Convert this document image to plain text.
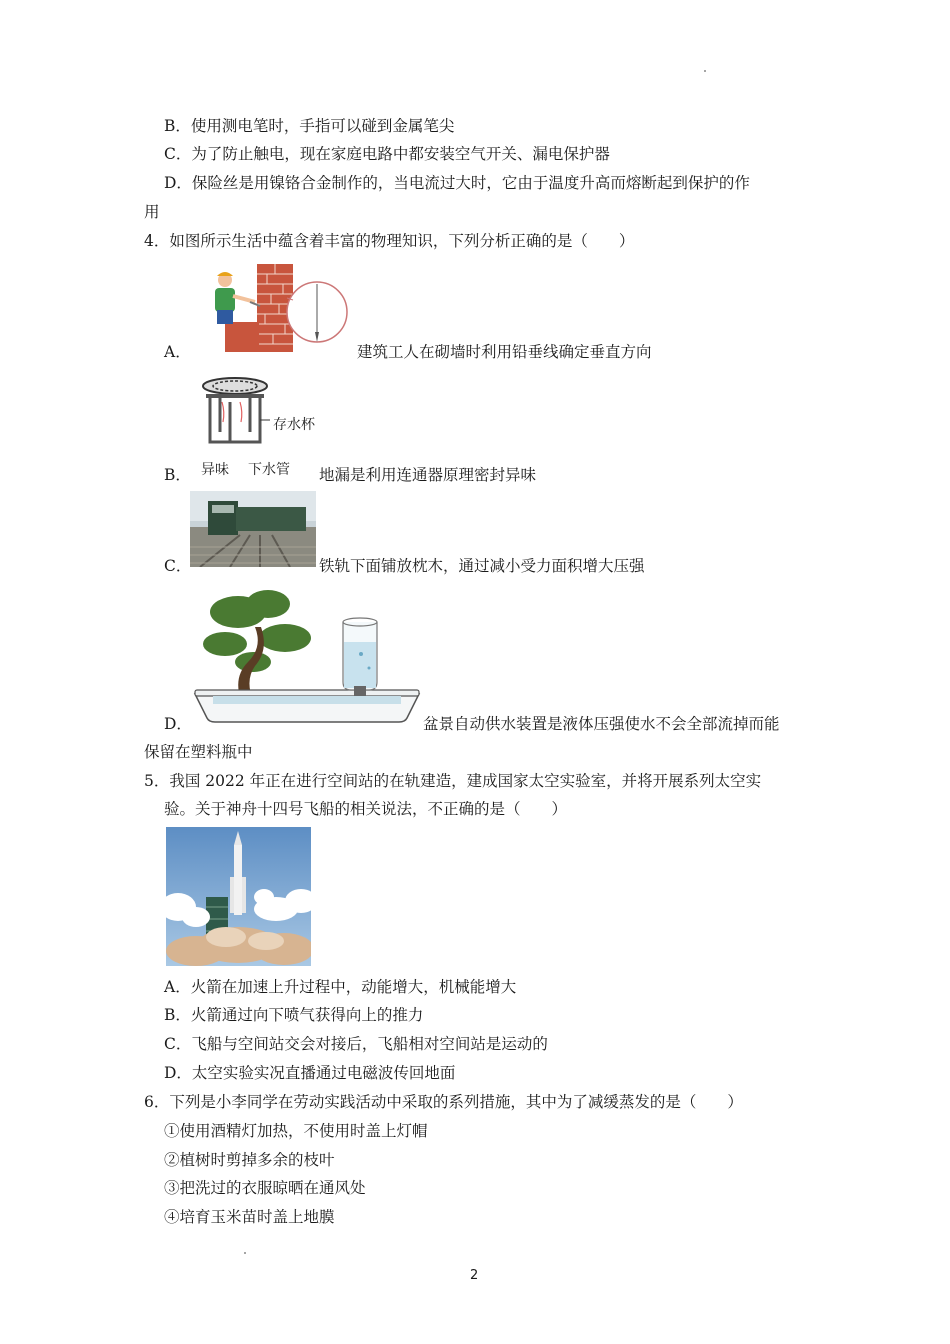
B．使用测电笔时，手指可以碰到金属笔尖
C．为了防止触电，现在家庭电路中都安装空气开关、漏电保护器
D．保险丝是用镍铬合金制作的，当电流过大时，它由于温度升高而熔断起到保护的作
用
4．如图所示生活中蕴含着丰富的物理知识，下列分析正确的是（　　）
A．	建筑工人在砌墙时利用铅垂线确定垂直方向
存水杯
异味 下水管
B．	地漏是利用连通器原理密封异味
C．	铁轨下面铺放枕木，通过减小受力面积增大压强
D．	盆景自动供水装置是液体压强使水不会全部流掉而能
保留在塑料瓶中
5．我国 2022 年正在进行空间站的在轨建造，建成国家太空实验室，并将开展系列太空实
验。关于神舟十四号飞船的相关说法，不正确的是（　　）
A．火箭在加速上升过程中，动能增大，机械能增大
B．火箭通过向下喷气获得向上的推力
C．飞船与空间站交会对接后，飞船相对空间站是运动的
D．太空实验实况直播通过电磁波传回地面
6．下列是小李同学在劳动实践活动中采取的系列措施，其中为了减缓蒸发的是（　　）
①使用酒精灯加热，不使用时盖上灯帽
②植树时剪掉多余的枝叶
③把洗过的衣服晾晒在通风处
④培育玉米苗时盖上地膜
2
